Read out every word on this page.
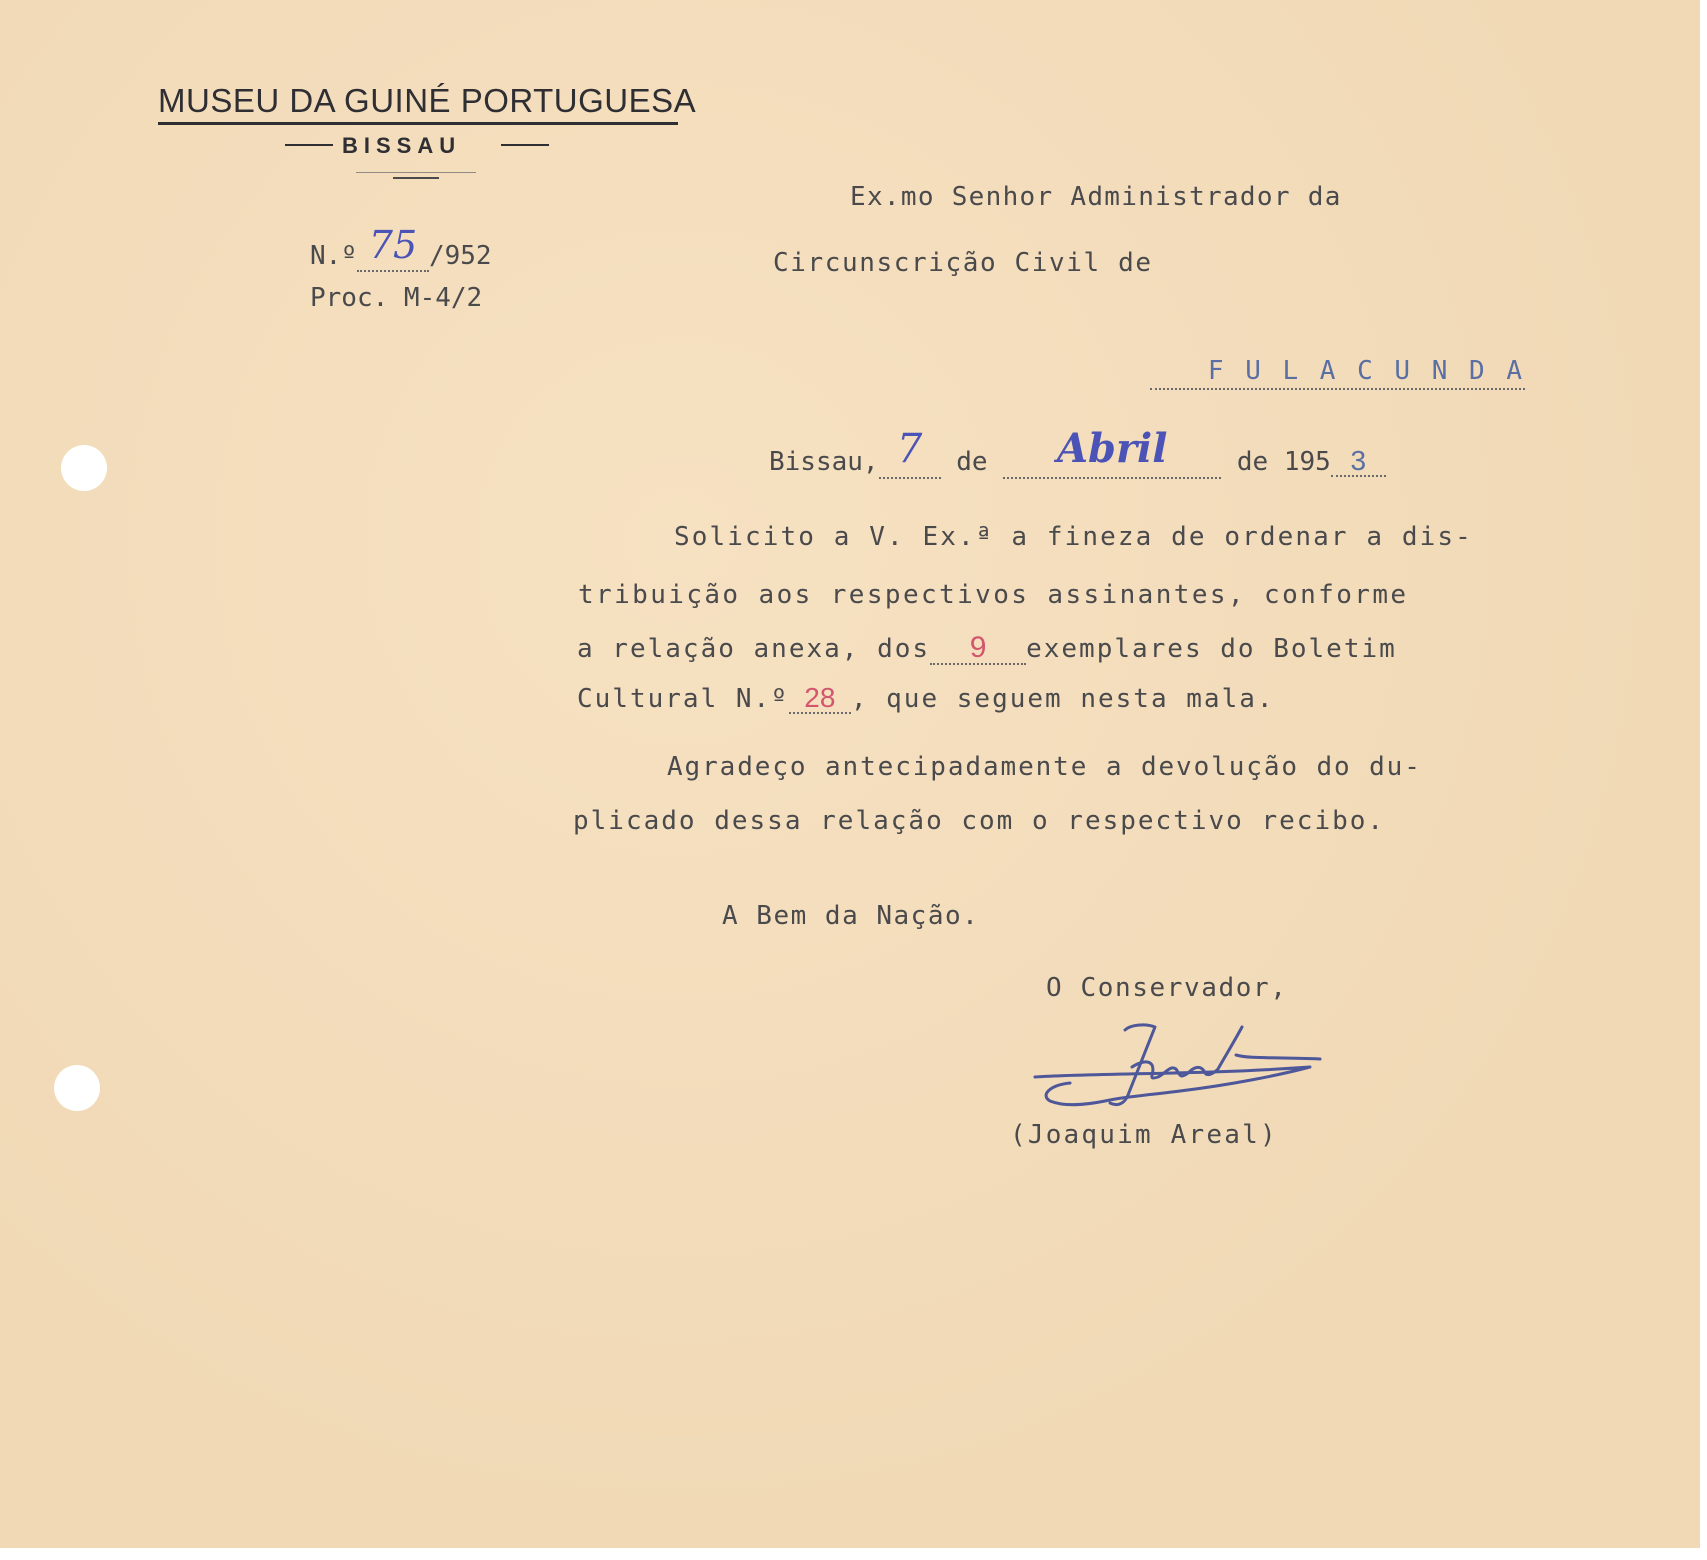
MUSEU DA GUINÉ PORTUGUESA
BISSAU
N.º 75 /952
Proc. M-4/2
Ex.mo Senhor Administrador da
Circunscrição Civil de
F U L A C U N D A
Bissau, 7 de Abril	de 195 3
Solicito a V. Ex.ª a fineza de ordenar a dis-
tribuição aos respectivos assinantes, conforme
a relação anexa, dos 9 exemplares do Boletim
Cultural N.º 28 , que seguem nesta mala.
Agradeço antecipadamente a devolução do du-
plicado dessa relação com o respectivo recibo.
A Bem da Nação.
O Conservador,
(Joaquim Areal)
